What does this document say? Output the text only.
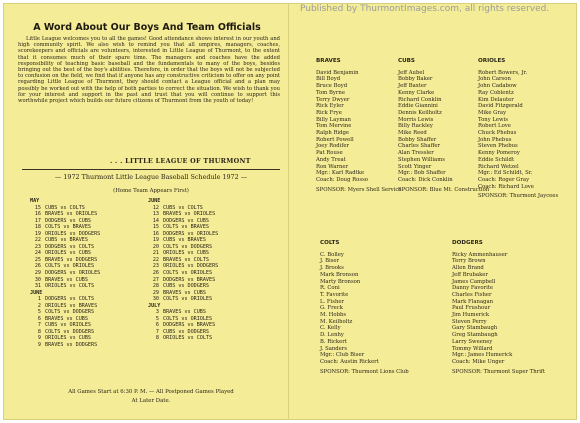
Published by ThurmontImages.com, all rights reserved.
A Word About Our Boys And Team Officials

Little League welcomes you to all the games! Good attendance shows interest in our youth and high community spirit. We also wish to remind you that all umpires, managers, coaches, scorekeepers and officials are volunteers, interested in Little League of Thurmont, to the extent that it consumes much of their spare time. The managers and coaches have the added responsibility of teaching basic baseball and the fundamentals to many of the boys, besides bringing out the best of the boy's abilities. Therefore, in order that the boys will not be subjected to confusion on the field, we find that if anyone has any constructive criticism to offer on any point regarding Little League of Thurmont, they should contact a League official and a plan may possibly be worked out with the help of both parties to correct the situation. We wish to thank you for your interest and support in the past and trust that you will continue to support this worthwhile project which builds our future citizens of Thurmont from the youth of today!

. . . LITTLE LEAGUE OF THURMONT
— 1972 Thurmont Little League Baseball Schedule 1972 —
(Home Team Appears First)
MAY
15 CUBS vs COLTS
16 BRAVES vs ORIOLES
17 DODGERS vs CUBS
18 COLTS vs BRAVES
19 ORIOLES vs DODGERS
22 CUBS vs BRAVES
23 DODGERS vs COLTS
24 ORIOLES vs CUBS
25 BRAVES vs DODGERS
26 COLTS vs ORIOLES
29 DODGERS vs ORIOLES
30 BRAVES vs CUBS
31 ORIOLES vs COLTS
JUNE
1 DODGERS vs COLTS
2 ORIOLES vs BRAVES
5 COLTS vs DODGERS
6 BRAVES vs CUBS
7 CUBS vs ORIOLES
8 COLTS vs DODGERS
9 ORIOLES vs CUBS
9 BRAVES vs DODGERS
JUNE
12 CUBS vs COLTS
13 BRAVES vs ORIOLES
14 DODGERS vs CUBS
15 COLTS vs BRAVES
16 DODGERS vs ORIOLES
19 CUBS vs BRAVES
20 COLTS vs DODGERS
21 ORIOLES vs CUBS
22 BRAVES vs COLTS
23 ORIOLES vs DODGERS
26 COLTS vs ORIOLES
27 DODGERS vs BRAVES
28 CUBS vs DODGERS
29 BRAVES vs CUBS
30 COLTS vs ORIOLES
JULY
3 BRAVES vs CUBS
5 COLTS vs ORIOLES
6 DODGERS vs BRAVES
7 CUBS vs DODGERS
8 ORIOLES vs COLTS
All Games Start at 6:30 P. M. — All Postponed Games Played
At Later Date.
BRAVES
David Benjamin
Bill Boyd
Bruce Boyd
Tom Byrne
Terry Dwyer
Rick Eyler
Rick Frye
Billy Layman
Tom Mervine
Ralph Ridge
Robert Powell
Joey Rodifer
Pat Rouse
Andy Treat
Ron Warner
Mgr.: Karl Radtke
Coach: Doug Rosso
SPONSOR: Myers Shell Service
CUBS
Jeff Aubel
Bobby Baker
Jeff Baxter
Kenny Clarke
Richard Conklin
Eddie Giannini
Dennis Keilholtz
Morris Lewis
Billy Rackley
Mike Reed
Bobby Shaffer
Charles Shaffer
Alan Tressler
Stephen Williams
Scott Yinger
Mgr.: Bob Shaffer
Coach: Dick Conklin
SPONSOR: Blue Mt. Construction
ORIOLES
Robert Bowers, Jr.
John Carson
John Cadabow
Ray Coblentz
Kim Delauter
David Fitzgerald
Mike Gray
Tony Lewis
Robert Love
Chuck Phebus
John Phebus
Steven Phebus
Kenny Pomeroy
Eddie Schildt
Richard Wetzel
Mgr.: Ed Schildt, Sr.
Coach: Roger Gray
Coach: Richard Love
SPONSOR: Thurmont Jaycees
COLTS
C. Bolley
J. Biser
J. Brooks
Mark Bronson
Marty Bronson
R. Coni
T. Favorite
L. Fisher
G. Freck
M. Hobbs
M. Keilholtz
C. Kelly
D. Lenhy
B. Rickert
J. Sanders
Mgr.: Club Biser
Coach: Austin Rickert
SPONSOR: Thurmont Lions Club
DODGERS
Ricky Ammenhauser
Terry Brown
Allen Brand
Jeff Brubaker
James Campbell
Danny Favorite
Charles Fisher
Mark Flanagan
Paul Frushour
Jim Humerick
Steven Perry
Gary Stambaugh
Greg Stambaugh
Larry Sweeney
Tommy Willard
Mgr.: James Humerick
Coach: Mike Unger
SPONSOR: Thurmont Super Thrift
